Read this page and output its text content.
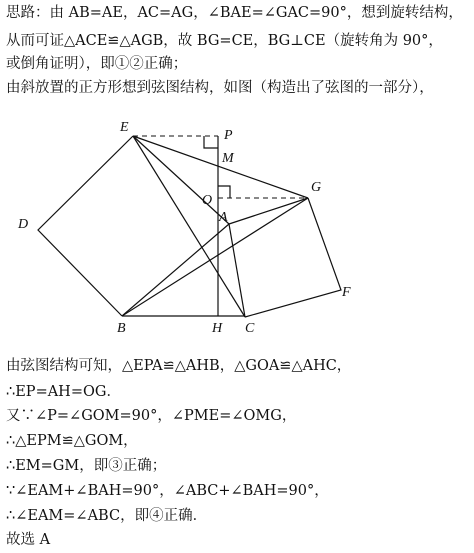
思路：由 AB=AE，AC=AG，∠BAE=∠GAC=90°，想到旋转结构，
从而可证△ACE≌△AGB，故 BG=CE，BG⊥CE（旋转角为 90°，
或倒角证明），即①②正确；
由斜放置的正方形想到弦图结构，如图（构造出了弦图的一部分），
E
P
M
O
G
A
D
F
B	H C
由弦图结构可知，△EPA≌△AHB，△GOA≌△AHC，
∴EP=AH=OG．
又∵∠P=∠GOM=90°，∠PME=∠OMG，
∴△EPM≌△GOM，
∴EM=GM，即③正确；
∵∠EAM+∠BAH=90°，∠ABC+∠BAH=90°，
∴∠EAM=∠ABC，即④正确．
故选 A
